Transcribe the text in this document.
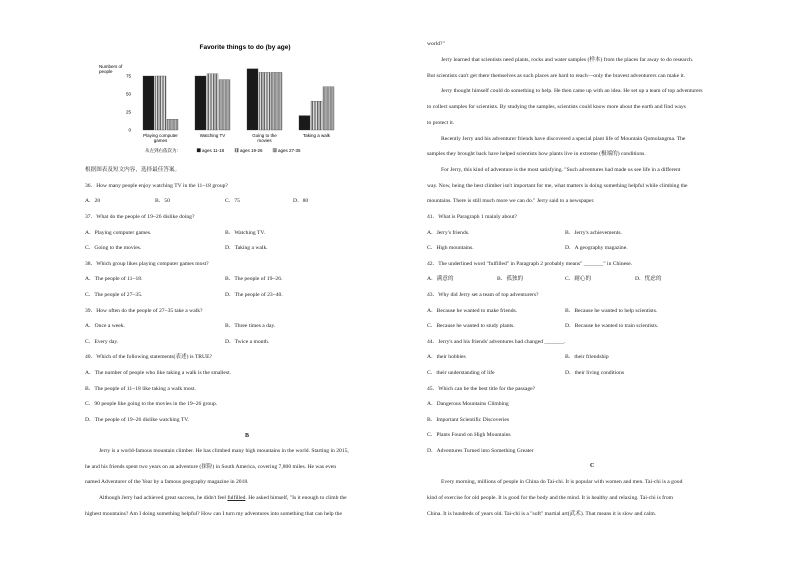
Favorite things to do (by age)
Numbers of
people
0
25
50
75
Playing computer
games
Watching TV	Going to the
movies
Taking a walk
从左到右依次为：	ages 11-18	ages 19-26	ages 27-35
根据图表及短文内容，选择最佳答案。
36．How many people enjoy watching TV in the 11~18 group?
A．20	B．50	C．75	D．80
37．What do the people of 19~26 dislike doing?
A．Playing computer games.	B．Watching TV.
C．Going to the movies.	D．Taking a walk.
38．Which group likes playing computer games most?
A．The people of 11~18.	B．The people of 19~26.
C．The people of 27~35.	D．The people of 23~40.
39．How often do the people of 27~35 take a walk?
A．Once a week.	B．Three times a day.
C．Every day.	D．Twice a month.
40．Which of the following statements(表述) is TRUE?
A．The number of people who like taking a walk is the smallest.
B．The people of 11~18 like taking a walk most.
C．90 people like going to the movies in the 19~26 group.
D．The people of 19~26 dislike watching TV.
B
Jerry is a world-famous mountain climber. He has climbed many high mountains in the world. Starting in 2015,
he and his friends spent two years on an adventure (探险) in South America, covering 7,800 miles. He was even
named Adventurer of the Year by a famous geography magazine in 2018.
Although Jerry had achieved great success, he didn't feel fulfilled. He asked himself, "Is it enough to climb the
highest mountains? Am I doing something helpful? How can I turn my adventures into something that can help the
world?"
Jerry learned that scientists need plants, rocks and water samples (样本) from the places far away to do research.
But scientists can't get there themselves as such places are hard to reach—only the bravest adventurers can make it.
Jerry thought himself could do something to help. He then came up with an idea. He set up a team of top adventurers
to collect samples for scientists. By studying the samples, scientists could know more about the earth and find ways
to protect it.
Recently Jerry and his adventurer friends have discovered a special plant life of Mountain Qomolangma. The
samples they brought back have helped scientists how plants live in extreme (极端的) conditions.
For Jerry, this kind of adventure is the most satisfying. "Such adventures had made us see life in a different
way. Now, being the best climber isn't important for me, what matters is doing something helpful while climbing the
mountains. There is still much more we can do." Jerry said to a newspaper.
41．What is Paragraph 1 mainly about?
A．Jerry's friends.	B．Jerry's achievements.
C．High mountains.	D．A geography magazine.
42．The underlined word "fulfilled" in Paragraph 2 probably means" _______" in Chinese.
A．满意的	B．孤独的	C．耐心的	D．忧虑的
43．Why did Jerry set a team of top adventurers?
A．Because he wanted to make friends.	B．Because he wanted to help scientists.
C．Because he wanted to study plants.	D．Because he wanted to train scientists.
44．Jerry's and his friends' adventures had changed _______.
A．their hobbies	B．their friendship
C．their understanding of life	D．their living conditions
45．Which can be the best title for the passage?
A．Dangerous Mountains Climbing
B．Important Scientific Discoveries
C．Plants Found on High Mountains
D．Adventures Turned into Something Greater
C
Every morning, millions of people in China do Tai-chi. It is popular with women and men. Tai-chi is a good
kind of exercise for old people. It is good for the body and the mind. It is healthy and relaxing. Tai-chi is from
China. It is hundreds of years old. Tai-chi is a "soft" martial art(武术). That means it is slow and calm.
